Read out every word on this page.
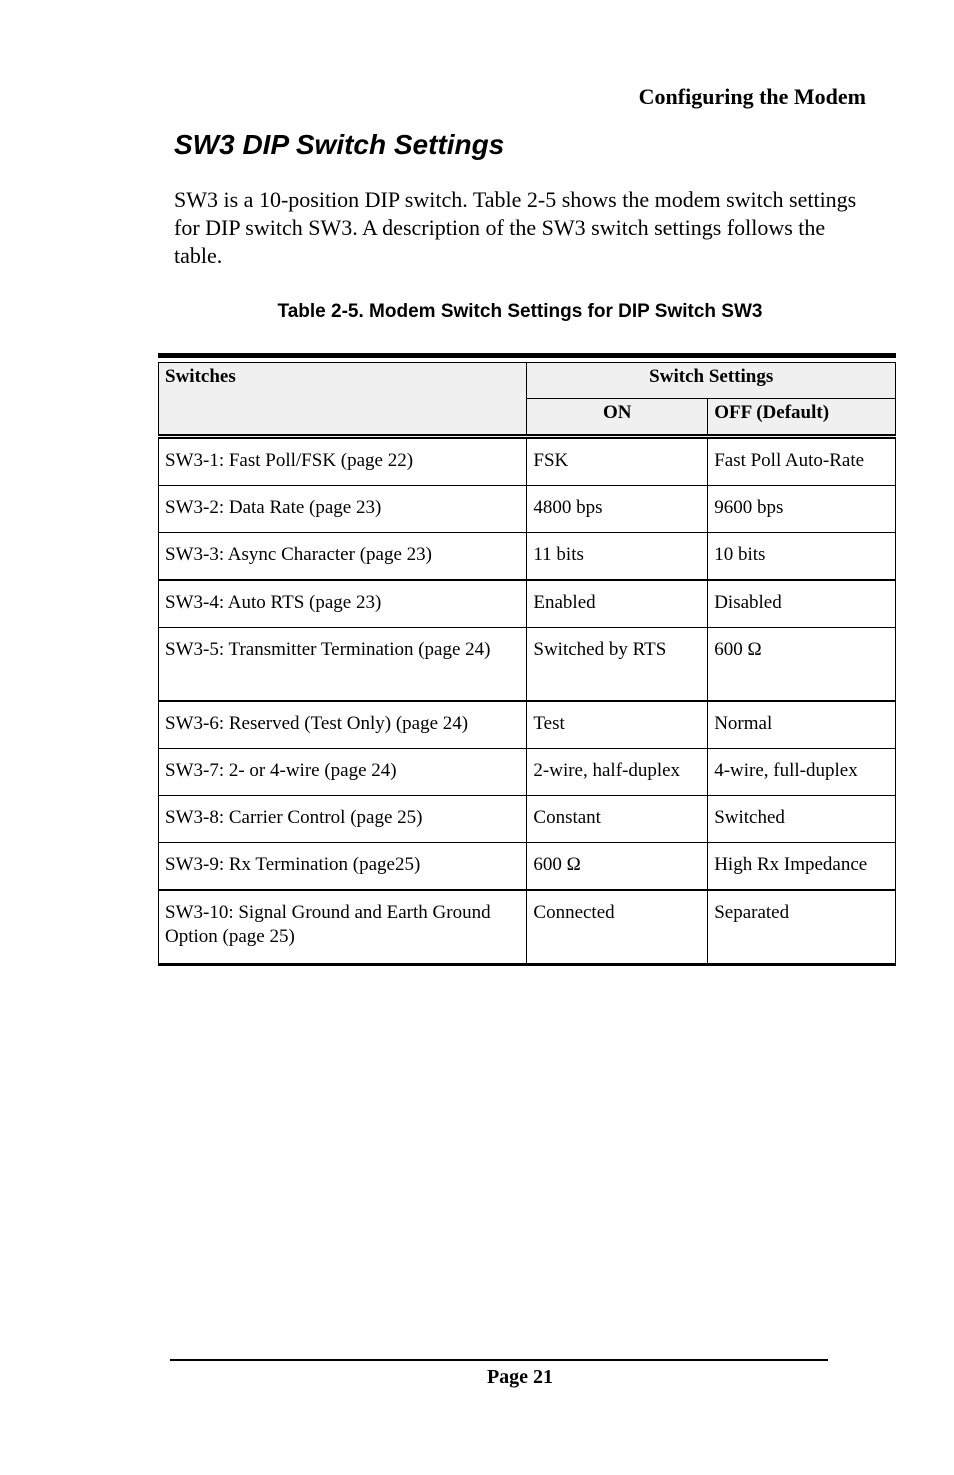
Configuring the Modem
SW3 DIP Switch Settings

SW3 is a 10-position DIP switch. Table 2-5 shows the modem switch settings for DIP switch SW3. A description of the SW3 switch settings follows the table.

Table 2-5. Modem Switch Settings for DIP Switch SW3
Switches	Switch Settings	
	ON	OFF (Default)
SW3-1: Fast Poll/FSK (page 22)	FSK	Fast Poll Auto-Rate
SW3-2: Data Rate (page 23)	4800 bps	9600 bps
SW3-3: Async Character (page 23)	11 bits	10 bits
SW3-4: Auto RTS (page 23)	Enabled	Disabled
SW3-5: Transmitter Termination (page 24)	Switched by RTS	600 Ω
SW3-6: Reserved (Test Only) (page 24)	Test	Normal
SW3-7: 2- or 4-wire (page 24)	2-wire, half-duplex	4-wire, full-duplex
SW3-8: Carrier Control (page 25)	Constant	Switched
SW3-9: Rx Termination (page25)	600 Ω	High Rx Impedance
SW3-10: Signal Ground and Earth Ground Option (page 25)	Connected	Separated
Page 21
